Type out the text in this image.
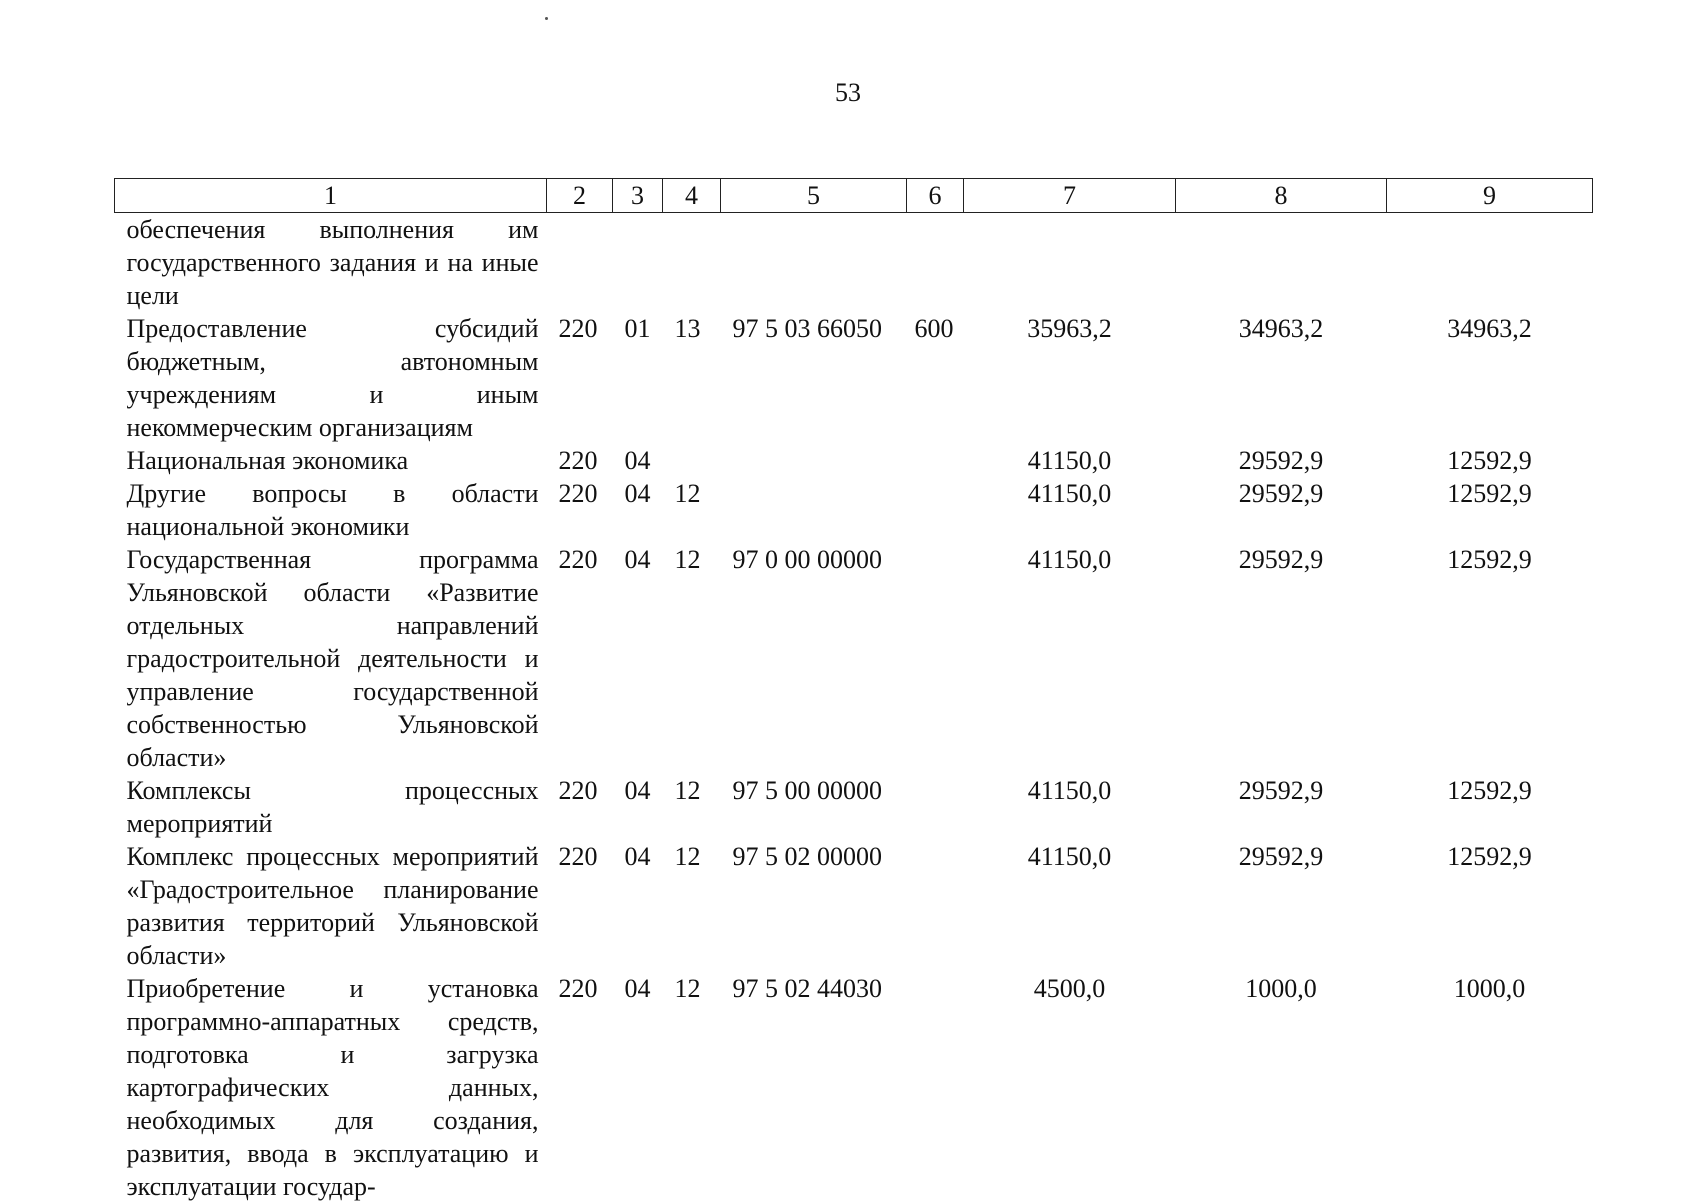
53
1	2	3	4	5	6	7	8	9
обеспечения выполнения им государственного задания и на иные цели								
Предоставление субсидий бюджетным, автономным учреждениям и иным некоммерческим организациям	220	01	13	97 5 03 66050	600	35963,2	34963,2	34963,2
Национальная экономика	220	04				41150,0	29592,9	12592,9
Другие вопросы в области национальной экономики	220	04	12			41150,0	29592,9	12592,9
Государственная программа Ульяновской области «Развитие отдельных направлений градостроительной деятельности и управление государственной собственностью Ульяновской области»	220	04	12	97 0 00 00000		41150,0	29592,9	12592,9
Комплексы процессных мероприятий	220	04	12	97 5 00 00000		41150,0	29592,9	12592,9
Комплекс процессных мероприятий «Градостроительное планирование развития территорий Ульяновской области»	220	04	12	97 5 02 00000		41150,0	29592,9	12592,9
Приобретение и установка программно-аппаратных средств, подготовка и загрузка картографических данных, необходимых для создания, развития, ввода в эксплуатацию и эксплуатации государ-	220	04	12	97 5 02 44030		4500,0	1000,0	1000,0
